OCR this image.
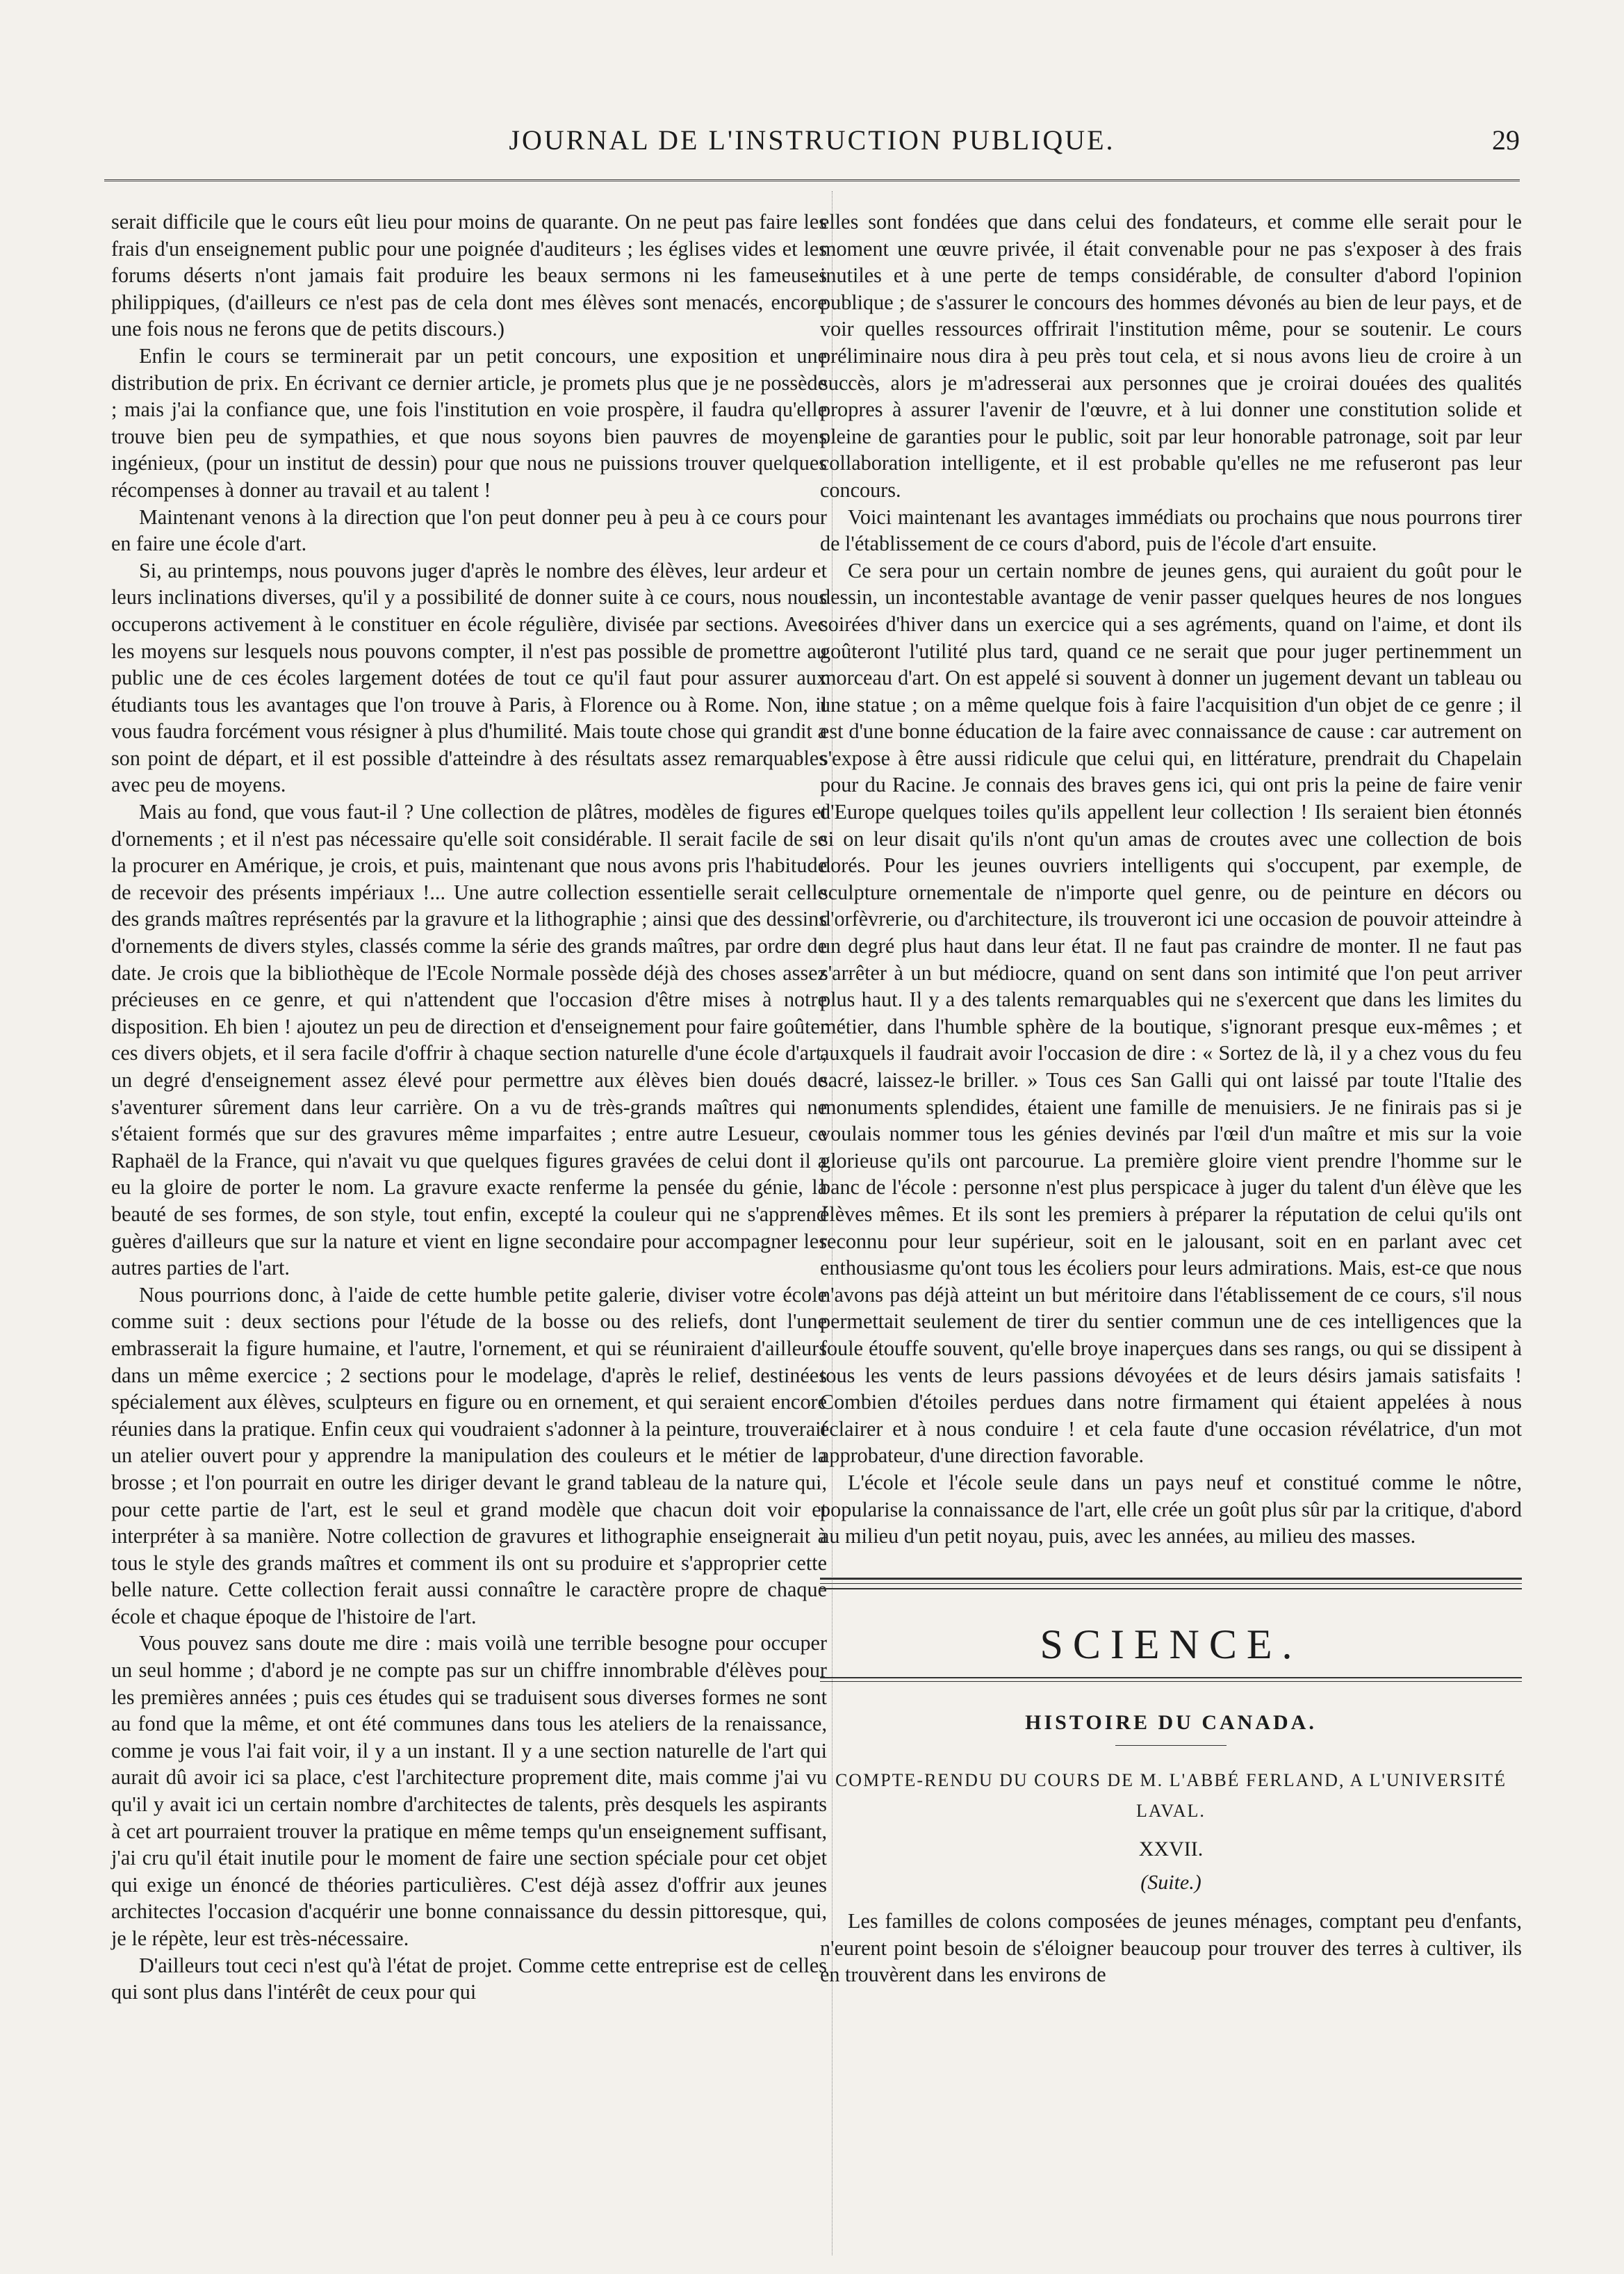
JOURNAL DE L'INSTRUCTION PUBLIQUE.	29

serait difficile que le cours eût lieu pour moins de quarante. On ne peut pas faire les frais d'un enseignement public pour une poignée d'auditeurs ; les églises vides et les forums déserts n'ont jamais fait produire les beaux sermons ni les fameuses philippiques, (d'ailleurs ce n'est pas de cela dont mes élèves sont menacés, encore une fois nous ne ferons que de petits discours.)

Enfin le cours se terminerait par un petit concours, une exposition et une distribution de prix. En écrivant ce dernier article, je promets plus que je ne possède ; mais j'ai la confiance que, une fois l'institution en voie prospère, il faudra qu'elle trouve bien peu de sympathies, et que nous soyons bien pauvres de moyens ingénieux, (pour un institut de dessin) pour que nous ne puissions trouver quelques récompenses à donner au travail et au talent !

Maintenant venons à la direction que l'on peut donner peu à peu à ce cours pour en faire une école d'art.

Si, au printemps, nous pouvons juger d'après le nombre des élèves, leur ardeur et leurs inclinations diverses, qu'il y a possibilité de donner suite à ce cours, nous nous occuperons activement à le constituer en école régulière, divisée par sections. Avec les moyens sur lesquels nous pouvons compter, il n'est pas possible de promettre au public une de ces écoles largement dotées de tout ce qu'il faut pour assurer aux étudiants tous les avantages que l'on trouve à Paris, à Florence ou à Rome. Non, il vous faudra forcément vous résigner à plus d'humilité. Mais toute chose qui grandit a son point de départ, et il est possible d'atteindre à des résultats assez remarquables avec peu de moyens.

Mais au fond, que vous faut-il ? Une collection de plâtres, modèles de figures et d'ornements ; et il n'est pas nécessaire qu'elle soit considérable. Il serait facile de se la procurer en Amérique, je crois, et puis, maintenant que nous avons pris l'habitude de recevoir des présents impériaux !... Une autre collection essentielle serait celle des grands maîtres représentés par la gravure et la lithographie ; ainsi que des dessins d'ornements de divers styles, classés comme la série des grands maîtres, par ordre de date. Je crois que la bibliothèque de l'Ecole Normale possède déjà des choses assez précieuses en ce genre, et qui n'attendent que l'occasion d'être mises à notre disposition. Eh bien ! ajoutez un peu de direction et d'enseignement pour faire goûter ces divers objets, et il sera facile d'offrir à chaque section naturelle d'une école d'art, un degré d'enseignement assez élevé pour permettre aux élèves bien doués de s'aventurer sûrement dans leur carrière. On a vu de très-grands maîtres qui ne s'étaient formés que sur des gravures même imparfaites ; entre autre Lesueur, ce Raphaël de la France, qui n'avait vu que quelques figures gravées de celui dont il a eu la gloire de porter le nom. La gravure exacte renferme la pensée du génie, la beauté de ses formes, de son style, tout enfin, excepté la couleur qui ne s'apprend guères d'ailleurs que sur la nature et vient en ligne secondaire pour accompagner les autres parties de l'art.

Nous pourrions donc, à l'aide de cette humble petite galerie, diviser votre école comme suit : deux sections pour l'étude de la bosse ou des reliefs, dont l'une embrasserait la figure humaine, et l'autre, l'ornement, et qui se réuniraient d'ailleurs dans un même exercice ; 2 sections pour le modelage, d'après le relief, destinées spécialement aux élèves, sculpteurs en figure ou en ornement, et qui seraient encore réunies dans la pratique. Enfin ceux qui voudraient s'adonner à la peinture, trouverait un atelier ouvert pour y apprendre la manipulation des couleurs et le métier de la brosse ; et l'on pourrait en outre les diriger devant le grand tableau de la nature qui, pour cette partie de l'art, est le seul et grand modèle que chacun doit voir et interpréter à sa manière. Notre collection de gravures et lithographie enseignerait à tous le style des grands maîtres et comment ils ont su produire et s'approprier cette belle nature. Cette collection ferait aussi connaître le caractère propre de chaque école et chaque époque de l'histoire de l'art.

Vous pouvez sans doute me dire : mais voilà une terrible besogne pour occuper un seul homme ; d'abord je ne compte pas sur un chiffre innombrable d'élèves pour les premières années ; puis ces études qui se traduisent sous diverses formes ne sont au fond que la même, et ont été communes dans tous les ateliers de la renaissance, comme je vous l'ai fait voir, il y a un instant. Il y a une section naturelle de l'art qui aurait dû avoir ici sa place, c'est l'architecture proprement dite, mais comme j'ai vu qu'il y avait ici un certain nombre d'architectes de talents, près desquels les aspirants à cet art pourraient trouver la pratique en même temps qu'un enseignement suffisant, j'ai cru qu'il était inutile pour le moment de faire une section spéciale pour cet objet qui exige un énoncé de théories particulières. C'est déjà assez d'offrir aux jeunes architectes l'occasion d'acquérir une bonne connaissance du dessin pittoresque, qui, je le répète, leur est très-nécessaire.

D'ailleurs tout ceci n'est qu'à l'état de projet. Comme cette entreprise est de celles qui sont plus dans l'intérêt de ceux pour qui

elles sont fondées que dans celui des fondateurs, et comme elle serait pour le moment une œuvre privée, il était convenable pour ne pas s'exposer à des frais inutiles et à une perte de temps considérable, de consulter d'abord l'opinion publique ; de s'assurer le concours des hommes dévonés au bien de leur pays, et de voir quelles ressources offrirait l'institution même, pour se soutenir. Le cours préliminaire nous dira à peu près tout cela, et si nous avons lieu de croire à un succès, alors je m'adresserai aux personnes que je croirai douées des qualités propres à assurer l'avenir de l'œuvre, et à lui donner une constitution solide et pleine de garanties pour le public, soit par leur honorable patronage, soit par leur collaboration intelligente, et il est probable qu'elles ne me refuseront pas leur concours.

Voici maintenant les avantages immédiats ou prochains que nous pourrons tirer de l'établissement de ce cours d'abord, puis de l'école d'art ensuite.

Ce sera pour un certain nombre de jeunes gens, qui auraient du goût pour le dessin, un incontestable avantage de venir passer quelques heures de nos longues soirées d'hiver dans un exercice qui a ses agréments, quand on l'aime, et dont ils goûteront l'utilité plus tard, quand ce ne serait que pour juger pertinemment un morceau d'art. On est appelé si souvent à donner un jugement devant un tableau ou une statue ; on a même quelque fois à faire l'acquisition d'un objet de ce genre ; il est d'une bonne éducation de la faire avec connaissance de cause : car autrement on s'expose à être aussi ridicule que celui qui, en littérature, prendrait du Chapelain pour du Racine. Je connais des braves gens ici, qui ont pris la peine de faire venir d'Europe quelques toiles qu'ils appellent leur collection ! Ils seraient bien étonnés si on leur disait qu'ils n'ont qu'un amas de croutes avec une collection de bois dorés. Pour les jeunes ouvriers intelligents qui s'occupent, par exemple, de sculpture ornementale de n'importe quel genre, ou de peinture en décors ou d'orfèvrerie, ou d'architecture, ils trouveront ici une occasion de pouvoir atteindre à un degré plus haut dans leur état. Il ne faut pas craindre de monter. Il ne faut pas s'arrêter à un but médiocre, quand on sent dans son intimité que l'on peut arriver plus haut. Il y a des talents remarquables qui ne s'exercent que dans les limites du métier, dans l'humble sphère de la boutique, s'ignorant presque eux-mêmes ; et auxquels il faudrait avoir l'occasion de dire : « Sortez de là, il y a chez vous du feu sacré, laissez-le briller. » Tous ces San Galli qui ont laissé par toute l'Italie des monuments splendides, étaient une famille de menuisiers. Je ne finirais pas si je voulais nommer tous les génies devinés par l'œil d'un maître et mis sur la voie glorieuse qu'ils ont parcourue. La première gloire vient prendre l'homme sur le banc de l'école : personne n'est plus perspicace à juger du talent d'un élève que les élèves mêmes. Et ils sont les premiers à préparer la réputation de celui qu'ils ont reconnu pour leur supérieur, soit en le jalousant, soit en en parlant avec cet enthousiasme qu'ont tous les écoliers pour leurs admirations. Mais, est-ce que nous n'avons pas déjà atteint un but méritoire dans l'établissement de ce cours, s'il nous permettait seulement de tirer du sentier commun une de ces intelligences que la foule étouffe souvent, qu'elle broye inaperçues dans ses rangs, ou qui se dissipent à tous les vents de leurs passions dévoyées et de leurs désirs jamais satisfaits ! Combien d'étoiles perdues dans notre firmament qui étaient appelées à nous éclairer et à nous conduire ! et cela faute d'une occasion révélatrice, d'un mot approbateur, d'une direction favorable.

L'école et l'école seule dans un pays neuf et constitué comme le nôtre, popularise la connaissance de l'art, elle crée un goût plus sûr par la critique, d'abord au milieu d'un petit noyau, puis, avec les années, au milieu des masses.

SCIENCE.
HISTOIRE DU CANADA.
COMPTE-RENDU DU COURS DE M. L'ABBÉ FERLAND, A L'UNIVERSITÉ LAVAL.
XXVII.
(Suite.)

Les familles de colons composées de jeunes ménages, comptant peu d'enfants, n'eurent point besoin de s'éloigner beaucoup pour trouver des terres à cultiver, ils en trouvèrent dans les environs de
